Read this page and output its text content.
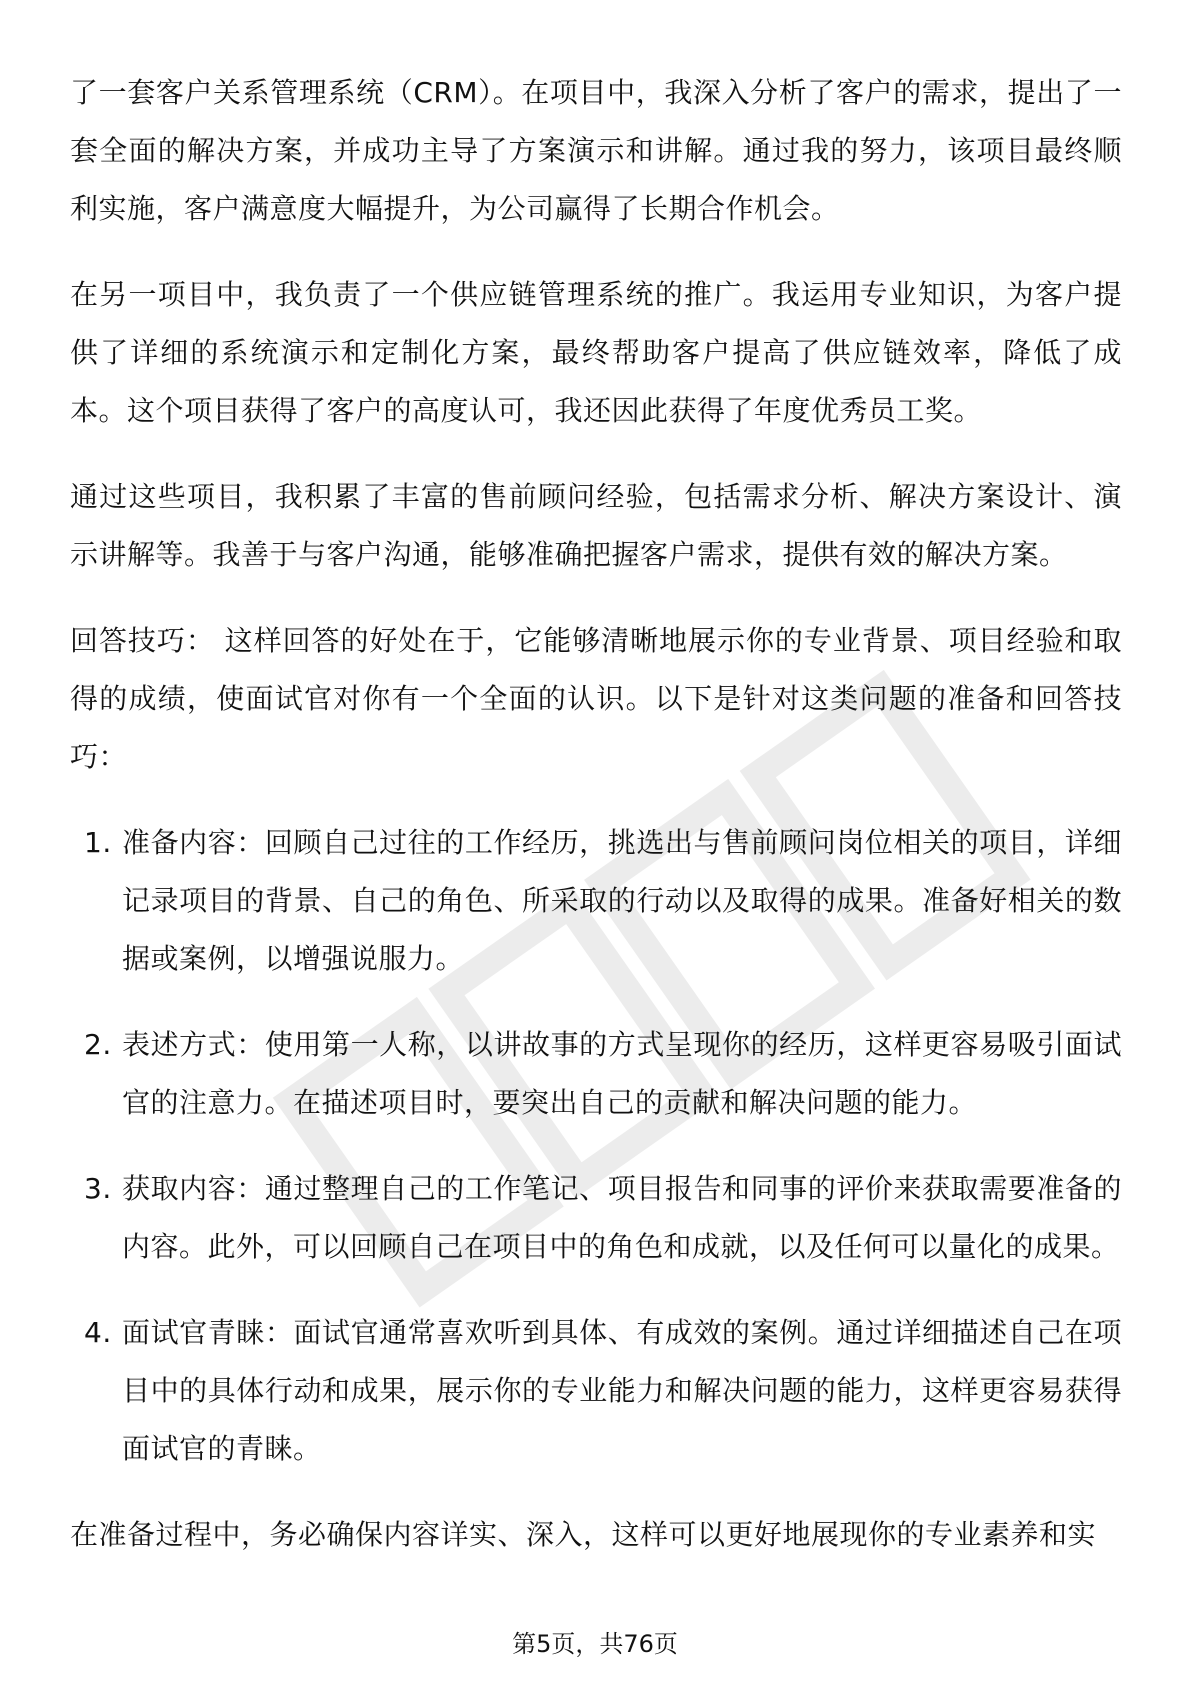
了一套客户关系管理系统（CRM）。在项目中，我深入分析了客户的需求，提出了一套全面的解决方案，并成功主导了方案演示和讲解。通过我的努力，该项目最终顺利实施，客户满意度大幅提升，为公司赢得了长期合作机会。

在另一项目中，我负责了一个供应链管理系统的推广。我运用专业知识，为客户提供了详细的系统演示和定制化方案，最终帮助客户提高了供应链效率，降低了成本。这个项目获得了客户的高度认可，我还因此获得了年度优秀员工奖。

通过这些项目，我积累了丰富的售前顾问经验，包括需求分析、解决方案设计、演示讲解等。我善于与客户沟通，能够准确把握客户需求，提供有效的解决方案。

回答技巧： 这样回答的好处在于，它能够清晰地展示你的专业背景、项目经验和取得的成绩，使面试官对你有一个全面的认识。以下是针对这类问题的准备和回答技巧：

1. 准备内容：回顾自己过往的工作经历，挑选出与售前顾问岗位相关的项目，详细记录项目的背景、自己的角色、所采取的行动以及取得的成果。准备好相关的数据或案例，以增强说服力。
2. 表述方式：使用第一人称，以讲故事的方式呈现你的经历，这样更容易吸引面试官的注意力。在描述项目时，要突出自己的贡献和解决问题的能力。
3. 获取内容：通过整理自己的工作笔记、项目报告和同事的评价来获取需要准备的内容。此外，可以回顾自己在项目中的角色和成就，以及任何可以量化的成果。
4. 面试官青睐：面试官通常喜欢听到具体、有成效的案例。通过详细描述自己在项目中的具体行动和成果，展示你的专业能力和解决问题的能力，这样更容易获得面试官的青睐。

在准备过程中，务必确保内容详实、深入，这样可以更好地展现你的专业素养和实

第5页，共76页
